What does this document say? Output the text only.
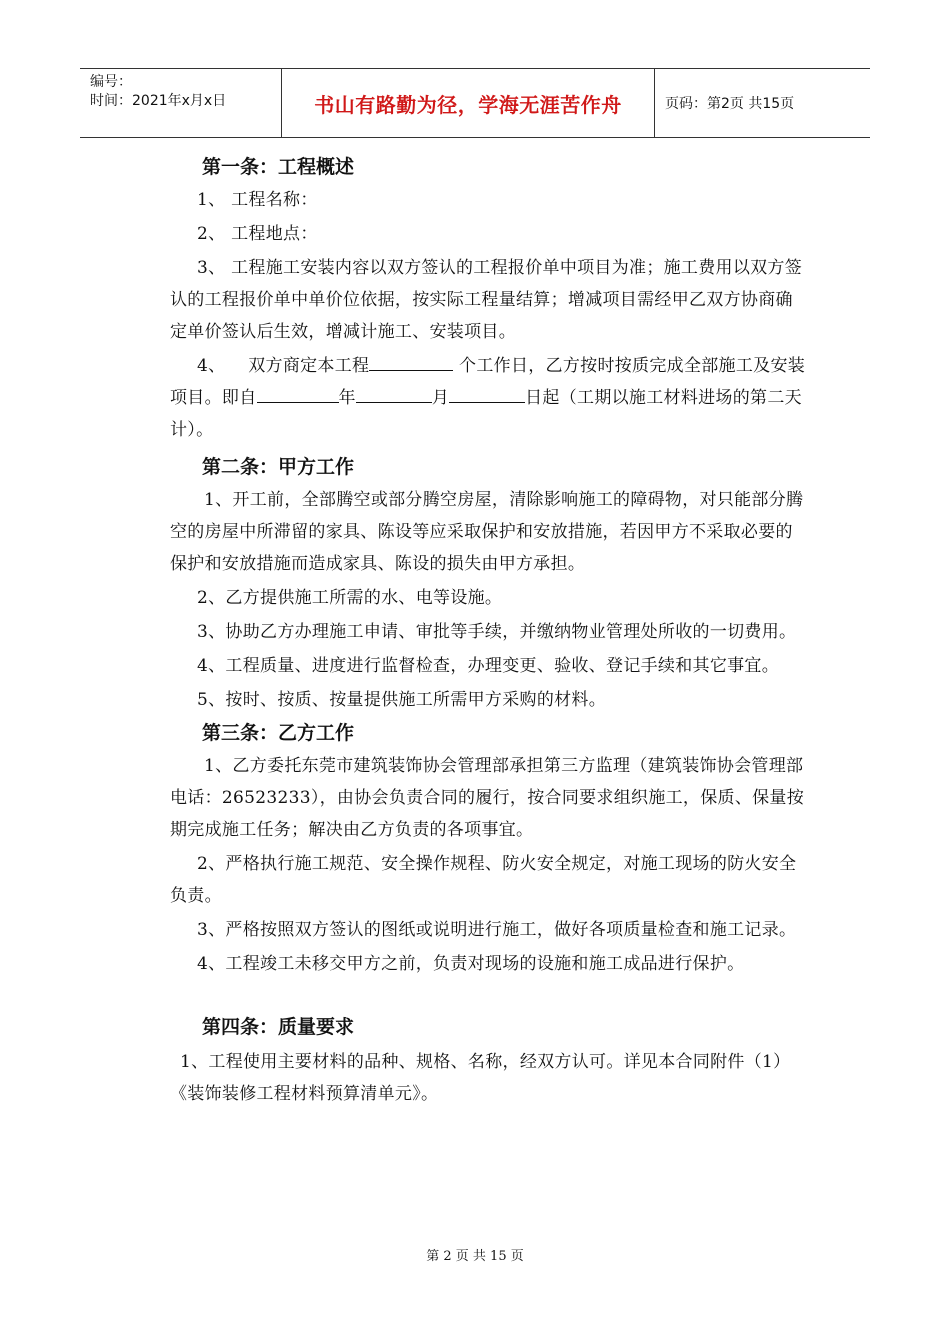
编号：
时间：2021年x月x日	书山有路勤为径，学海无涯苦作舟	页码：第2页 共15页
第一条：工程概述
1、 工程名称：
2、 工程地点：
3、 工程施工安装内容以双方签认的工程报价单中项目为准；施工费用以双方签认的工程报价单中单价位依据，按实际工程量结算；增减项目需经甲乙双方协商确定单价签认后生效，增减计施工、安装项目。
4、    双方商定本工程	个工作日，乙方按时按质完成全部施工及安装项目。即自	年	月	日起（工期以施工材料进场的第二天计）。
第二条：甲方工作
1、开工前，全部腾空或部分腾空房屋，清除影响施工的障碍物，对只能部分腾空的房屋中所滞留的家具、陈设等应采取保护和安放措施，若因甲方不采取必要的保护和安放措施而造成家具、陈设的损失由甲方承担。
2、乙方提供施工所需的水、电等设施。
3、协助乙方办理施工申请、审批等手续，并缴纳物业管理处所收的一切费用。
4、工程质量、进度进行监督检查，办理变更、验收、登记手续和其它事宜。
5、按时、按质、按量提供施工所需甲方采购的材料。
第三条：乙方工作
1、乙方委托东莞市建筑装饰协会管理部承担第三方监理（建筑装饰协会管理部电话：26523233），由协会负责合同的履行，按合同要求组织施工，保质、保量按期完成施工任务；解决由乙方负责的各项事宜。
2、严格执行施工规范、安全操作规程、防火安全规定，对施工现场的防火安全负责。
3、严格按照双方签认的图纸或说明进行施工，做好各项质量检查和施工记录。
4、工程竣工未移交甲方之前，负责对现场的设施和施工成品进行保护。
第四条：质量要求
1、工程使用主要材料的品种、规格、名称，经双方认可。详见本合同附件（1）《装饰装修工程材料预算清单元》。
第 2 页 共 15 页
